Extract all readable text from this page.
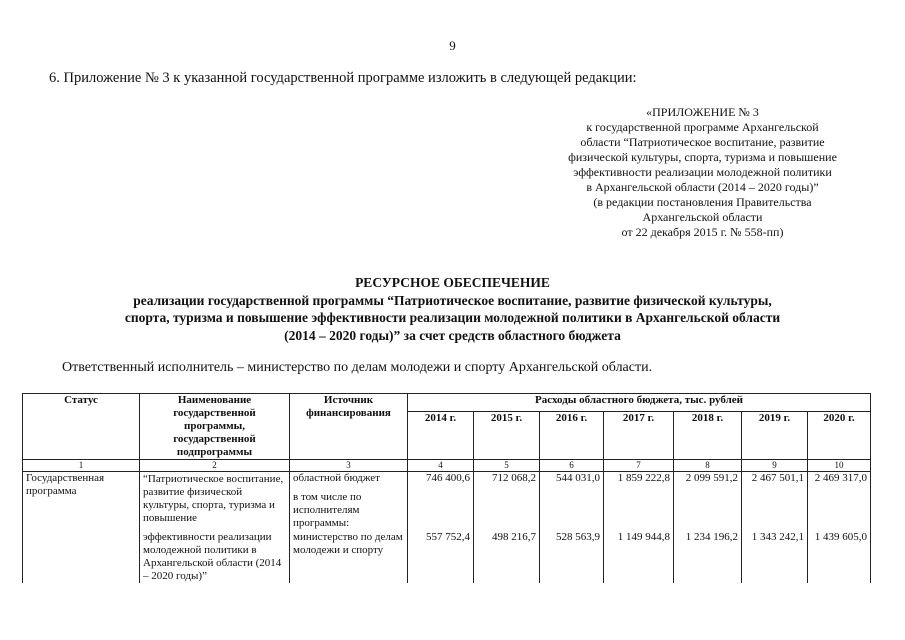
9
6. Приложение № 3 к указанной государственной программе изложить в следующей редакции:
«ПРИЛОЖЕНИЕ № 3
к государственной программе Архангельской
области “Патриотическое воспитание, развитие
физической культуры, спорта, туризма и повышение
эффективности реализации молодежной политики
в Архангельской области (2014 – 2020 годы)”
(в редакции постановления Правительства
Архангельской области
от 22 декабря 2015 г. № 558-пп)
РЕСУРСНОЕ ОБЕСПЕЧЕНИЕ
реализации государственной программы “Патриотическое воспитание, развитие физической культуры,
спорта, туризма и повышение эффективности реализации молодежной политики в Архангельской области
(2014 – 2020 годы)” за счет средств областного бюджета
Ответственный исполнитель – министерство по делам молодежи и спорту Архангельской области.
Статус	Наименование государственной программы, государственной подпрограммы	Источник финансирования	Расходы областного бюджета, тыс. рублей						
			2014 г.	2015 г.	2016 г.	2017 г.	2018 г.	2019 г.	2020 г.
1	2	3	4	5	6	7	8	9	10
Государственная программа	“Патриотическое воспитание, развитие физической культуры, спорта, туризма и повышение	областной бюджет	746 400,6	712 068,2	544 031,0	1 859 222,8	2 099 591,2	2 467 501,1	2 469 317,0
		в том числе по исполнителям программы:							
	эффективности реализации молодежной политики в Архангельской области (2014 – 2020 годы)”	министерство по делам молодежи и спорту	557 752,4	498 216,7	528 563,9	1 149 944,8	1 234 196,2	1 343 242,1	1 439 605,0
